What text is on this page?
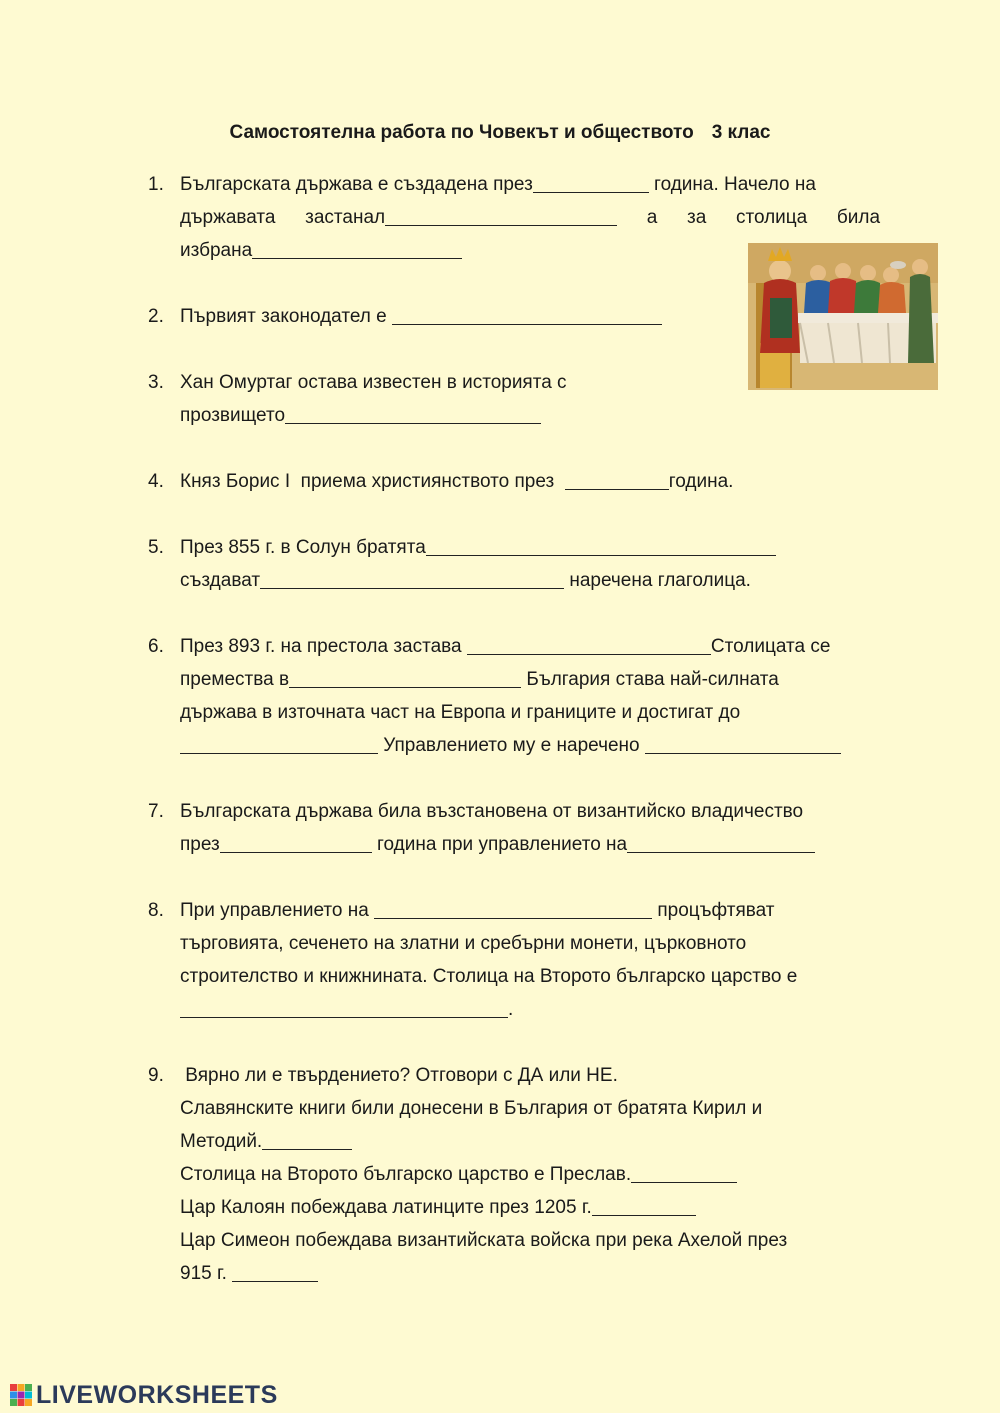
Самостоятелна работа по Човекът и обществото 3 клас
1. Българската държава е създадена през	година. Начело на
държавата застанал	а за столица била
избрана
2. Първият законодател е
3. Хан Омуртаг остава известен в историята с
прозвището
4. Княз Борис I  приема християнството през	година.
5. През 855 г. в Солун братята
създават	наречена глаголица.
6. През 893 г. на престола застава	Столицата се
премества в	България става най-силната
държава в източната част на Европа и границите и достигат до
Управлението му е наречено
7. Българската държава била възстановена от византийско владичество
през	година при управлението на
8. При управлението на	процъфтяват
търговията, сеченето на златни и сребърни монети, църковното
строителство и книжнината. Столица на Второто българско царство е
.
9. Вярно ли е твърдението? Отговори с ДА или НЕ.
Славянските книги били донесени в България от братята Кирил и
Методий.
Столица на Второто българско царство е Преслав.
Цар Калоян побеждава латинците през 1205 г.
Цар Симеон побеждава византийската войска при река Ахелой през
915 г.
LIVEWORKSHEETS
